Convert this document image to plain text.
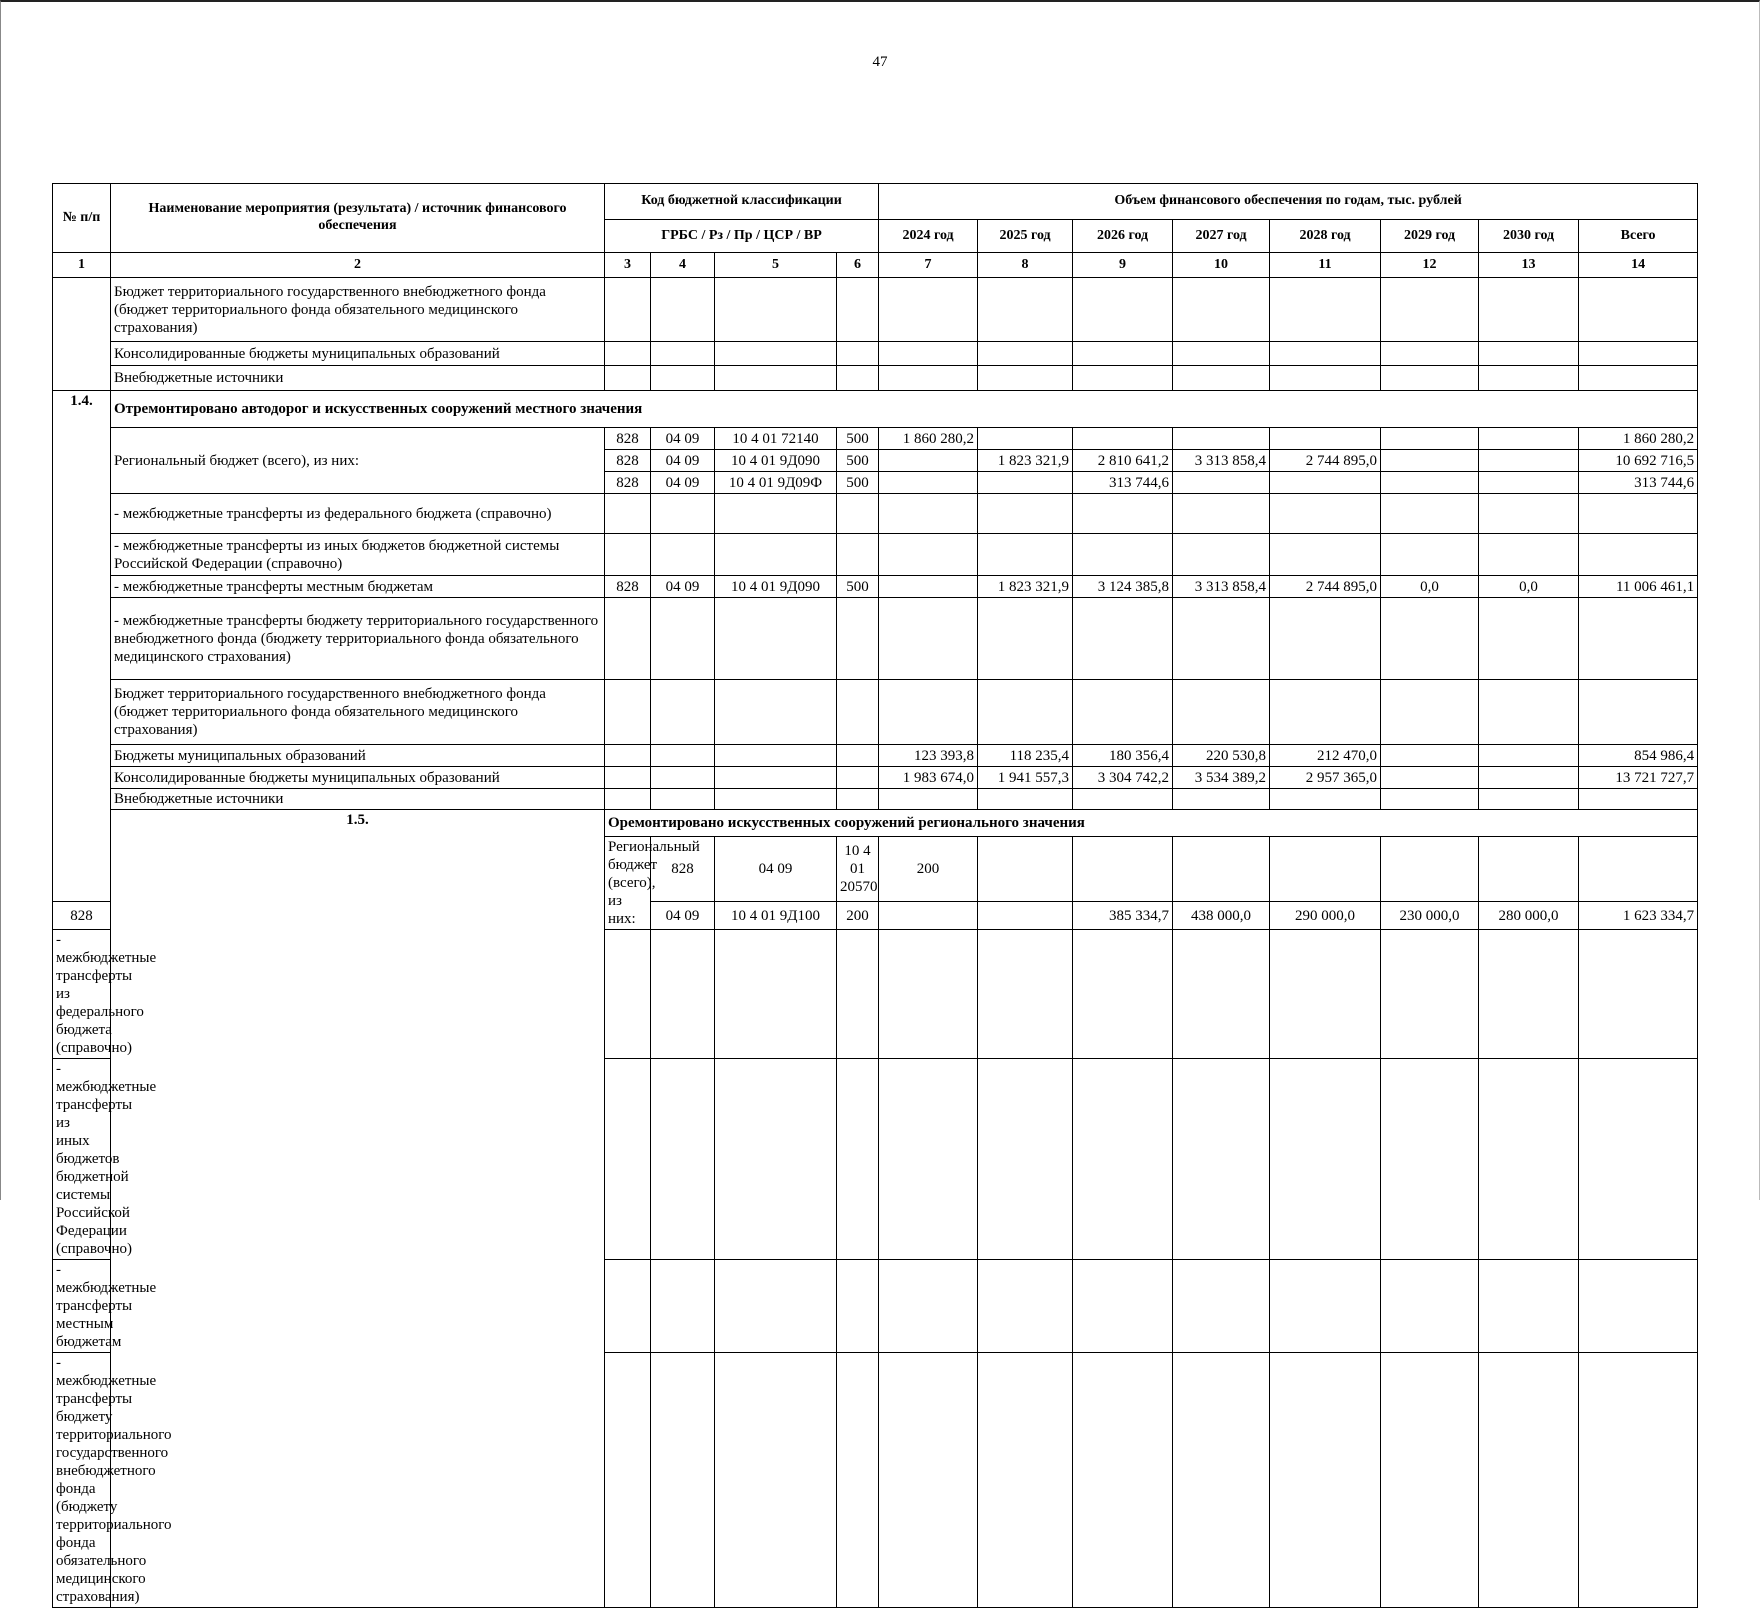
47
№ п/п	Наименование мероприятия (результата) / источник финансового обеспечения	Код бюджетной классификации				Объем финансового обеспечения по годам, тыс. рублей								
		ГРБС / Рз / Пр / ЦСР / ВР				2024 год	2025 год	2026 год	2027 год	2028 год	2029 год	2030 год	Всего	
1	2	3	4	5	6	7	8	9	10	11	12	13	14	
	Бюджет территориального государственного внебюджетного фонда (бюджет территориального фонда обязательного медицинского страхования)													
	Консолидированные бюджеты муниципальных образований													
	Внебюджетные источники													
1.4.	Отремонтировано автодорог и искусственных сооружений местного значения													
	Региональный бюджет (всего), из них:	828	04 09	10 4 01 72140	500	1 860 280,2							1 860 280,2	
		828	04 09	10 4 01 9Д090	500		1 823 321,9	2 810 641,2	3 313 858,4	2 744 895,0			10 692 716,5	
		828	04 09	10 4 01 9Д09Ф	500			313 744,6					313 744,6	
	- межбюджетные трансферты из федерального бюджета (справочно)													
	- межбюджетные трансферты из иных бюджетов бюджетной системы Российской Федерации (справочно)													
	- межбюджетные трансферты местным бюджетам	828	04 09	10 4 01 9Д090	500		1 823 321,9	3 124 385,8	3 313 858,4	2 744 895,0	0,0	0,0	11 006 461,1	
	- межбюджетные трансферты бюджету территориального государственного внебюджетного фонда (бюджету территориального фонда обязательного медицинского страхования)													
	Бюджет территориального государственного внебюджетного фонда (бюджет территориального фонда обязательного медицинского страхования)													
	Бюджеты муниципальных образований					123 393,8	118 235,4	180 356,4	220 530,8	212 470,0			854 986,4	
	Консолидированные бюджеты муниципальных образований					1 983 674,0	1 941 557,3	3 304 742,2	3 534 389,2	2 957 365,0			13 721 727,7	
	Внебюджетные источники													
	1.5.	Оремонтировано искусственных сооружений регионального значения												
		Региональный бюджет (всего), из них:	828	04 09	10 4 01 20570	200								
828			04 09	10 4 01 9Д100	200			385 334,7	438 000,0	290 000,0	230 000,0	280 000,0	1 623 334,7	
- межбюджетные трансферты из федерального бюджета (справочно)														
- межбюджетные трансферты из иных бюджетов бюджетной системы Российской Федерации (справочно)														
- межбюджетные трансферты местным бюджетам														
- межбюджетные трансферты бюджету территориального государственного внебюджетного фонда (бюджету территориального фонда обязательного медицинского страхования)														
